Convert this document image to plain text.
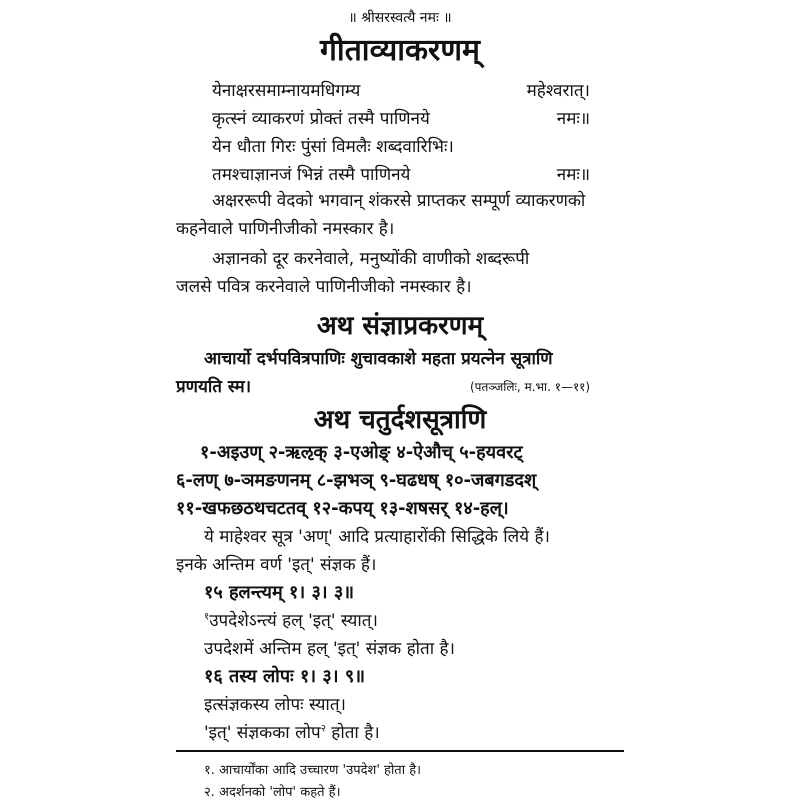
॥ श्रीसरस्वत्यै नमः ॥
गीताव्याकरणम्
येनाक्षरसमाम्नायमधिगम्य	महेश्वरात्।
कृत्स्नं व्याकरणं प्रोक्तं तस्मै पाणिनये	नमः॥
येन धौता गिरः पुंसां विमलैः शब्दवारिभिः।
तमश्चाज्ञानजं भिन्नं तस्मै पाणिनये	नमः॥
अक्षररूपी वेदको भगवान् शंकरसे प्राप्तकर सम्पूर्ण व्याकरणको
कहनेवाले पाणिनीजीको नमस्कार है।
अज्ञानको दूर करनेवाले, मनुष्योंकी वाणीको शब्दरूपी
जलसे पवित्र करनेवाले पाणिनीजीको नमस्कार है।
अथ संज्ञाप्रकरणम्
आचार्यो दर्भपवित्रपाणिः शुचावकाशे महता प्रयत्नेन सूत्राणि
प्रणयति स्म।	(पतञ्जलिः, म.भा. १—११)
अथ चतुर्दशसूत्राणि
१-अइउण् २-ऋऌक् ३-एओङ् ४-ऐऔच् ५-हयवरट्
६-लण् ७-ञमङणनम् ८-झभञ् ९-घढधष् १०-जबगडदश्
११-खफछठथचटतव् १२-कपय् १३-शषसर् १४-हल्।
ये माहेश्वर सूत्र 'अण्' आदि प्रत्याहारोंकी सिद्धिके लिये हैं।
इनके अन्तिम वर्ण 'इत्' संज्ञक हैं।
१५ हलन्त्यम् १। ३। ३॥
$^१$उपदेशेऽन्त्यं हल् 'इत्' स्यात्।
उपदेशमें अन्तिम हल् 'इत्' संज्ञक होता है।
१६ तस्य लोपः १। ३। ९॥
इत्संज्ञकस्य लोपः स्यात्।
'इत्' संज्ञकका लोप$^२$ होता है।
१. आचार्योंका आदि उच्चारण 'उपदेश' होता है।
२. अदर्शनको 'लोप' कहते हैं।
